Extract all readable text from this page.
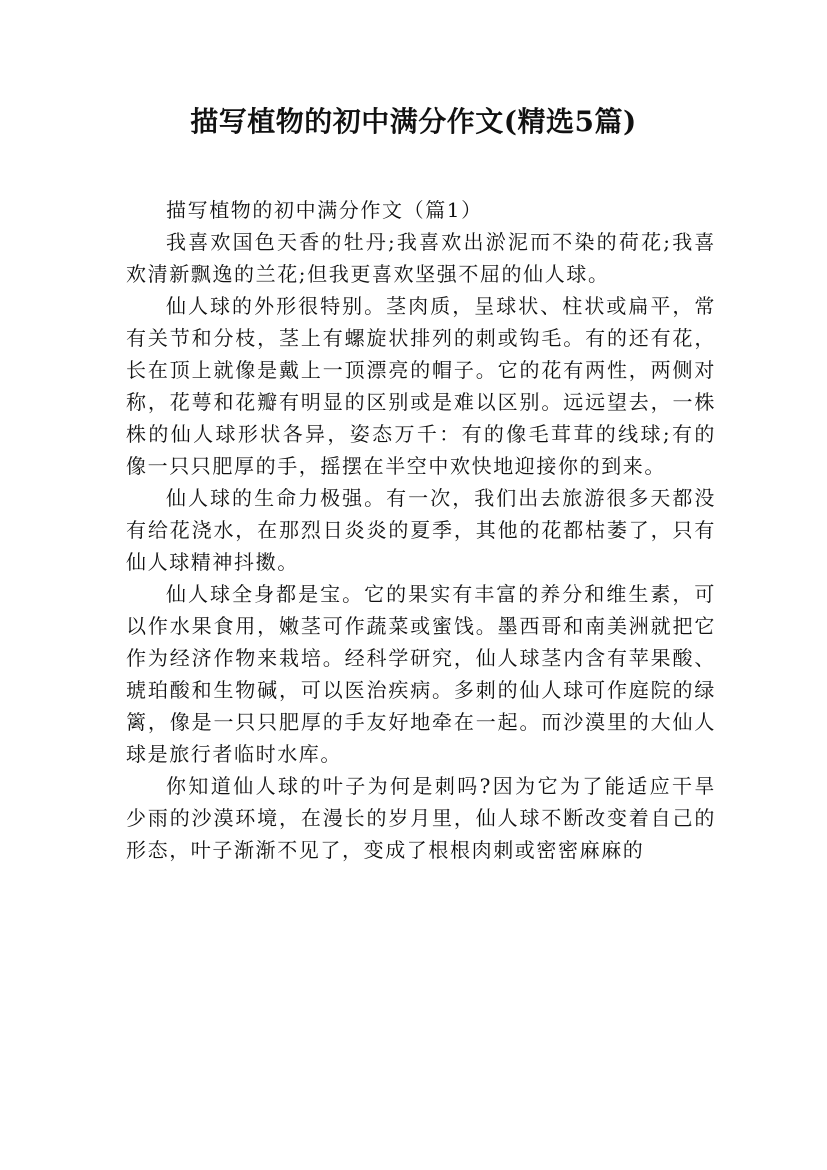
描写植物的初中满分作文(精选5篇)

描写植物的初中满分作文（篇1）

我喜欢国色天香的牡丹;我喜欢出淤泥而不染的荷花;我喜欢清新飘逸的兰花;但我更喜欢坚强不屈的仙人球。

仙人球的外形很特别。茎肉质，呈球状、柱状或扁平，常有关节和分枝，茎上有螺旋状排列的刺或钩毛。有的还有花，长在顶上就像是戴上一顶漂亮的帽子。它的花有两性，两侧对称，花萼和花瓣有明显的区别或是难以区别。远远望去，一株株的仙人球形状各异，姿态万千：有的像毛茸茸的线球;有的像一只只肥厚的手，摇摆在半空中欢快地迎接你的到来。

仙人球的生命力极强。有一次，我们出去旅游很多天都没有给花浇水，在那烈日炎炎的夏季，其他的花都枯萎了，只有仙人球精神抖擞。

仙人球全身都是宝。它的果实有丰富的养分和维生素，可以作水果食用，嫩茎可作蔬菜或蜜饯。墨西哥和南美洲就把它作为经济作物来栽培。经科学研究，仙人球茎内含有苹果酸、琥珀酸和生物碱，可以医治疾病。多刺的仙人球可作庭院的绿篱，像是一只只肥厚的手友好地牵在一起。而沙漠里的大仙人球是旅行者临时水库。

你知道仙人球的叶子为何是刺吗?因为它为了能适应干旱少雨的沙漠环境，在漫长的岁月里，仙人球不断改变着自己的形态，叶子渐渐不见了，变成了根根肉刺或密密麻麻的
